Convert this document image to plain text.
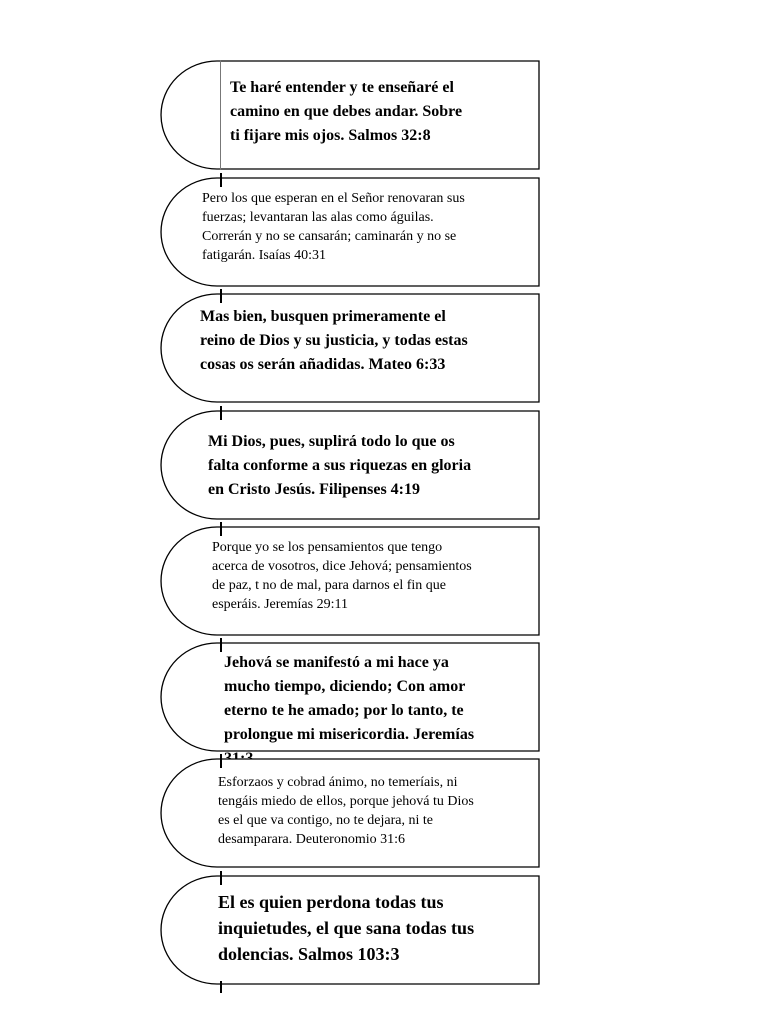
Te haré entender y te enseñaré el
camino en que debes andar. Sobre
ti fijare mis ojos. Salmos 32:8

Pero los que esperan en el Señor renovaran sus
fuerzas; levantaran las alas como águilas.
Correrán y no se cansarán; caminarán y no se
fatigarán. Isaías 40:31

Mas bien, busquen primeramente el
reino de Dios y su justicia, y todas estas
cosas os serán añadidas. Mateo 6:33

Mi Dios, pues, suplirá todo lo que os
falta conforme a sus riquezas en gloria
en Cristo Jesús. Filipenses 4:19

Porque yo se los pensamientos que tengo
acerca de vosotros, dice Jehová; pensamientos
de paz, t no de mal, para darnos el fin que
esperáis. Jeremías 29:11

Jehová se manifestó a mi hace ya
mucho tiempo, diciendo; Con amor
eterno te he amado; por lo tanto, te
prolongue mi misericordia. Jeremías

Esforzaos y cobrad ánimo, no temeríais, ni
tengáis miedo de ellos, porque jehová tu Dios
es el que va contigo, no te dejara, ni te
desamparara. Deuteronomio 31:6

El es quien perdona todas tus
inquietudes, el que sana todas tus
dolencias. Salmos 103:3
